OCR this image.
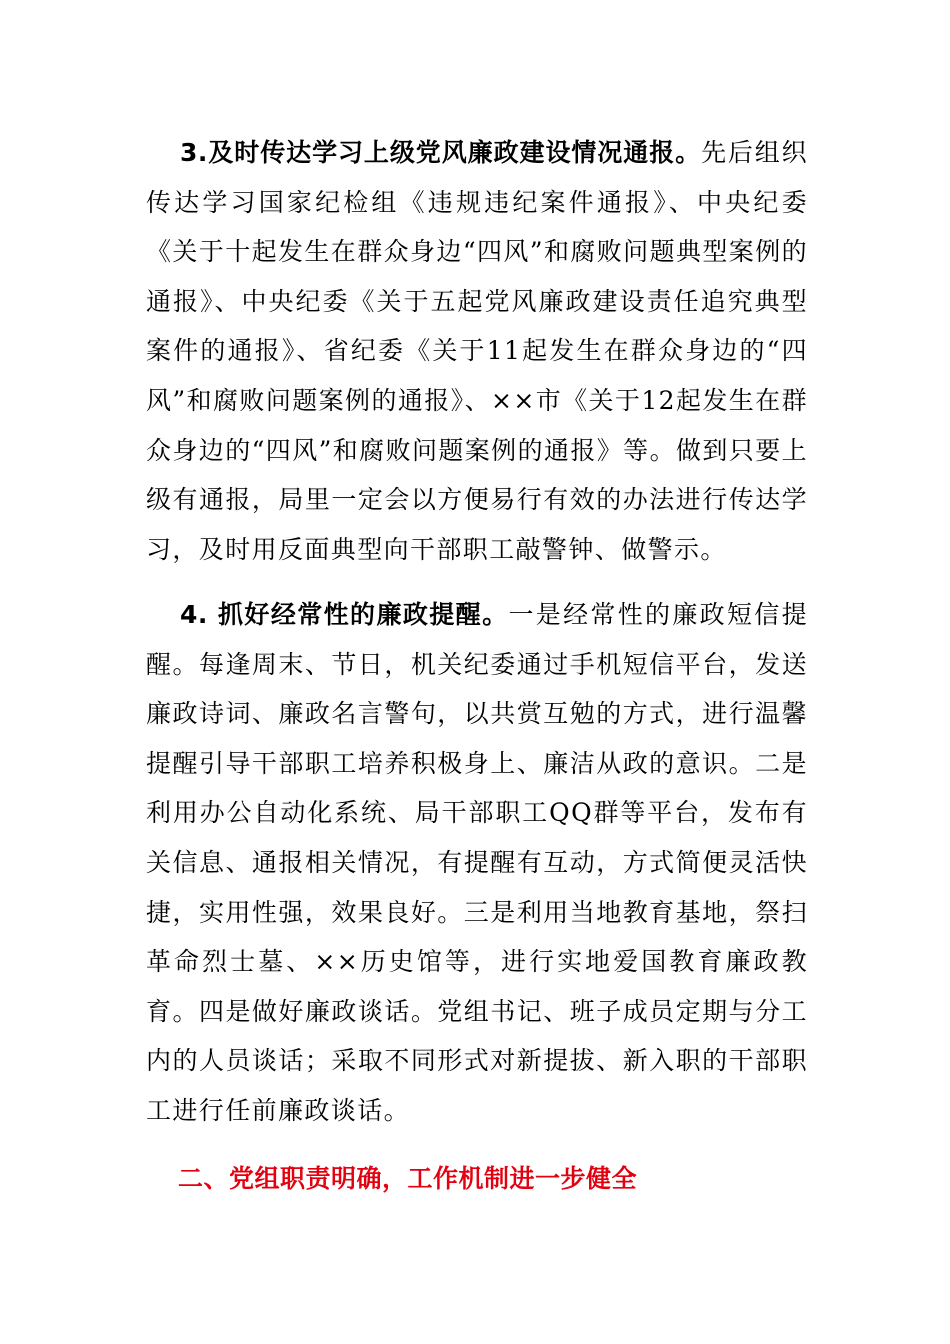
3.及时传达学习上级党风廉政建设情况通报。先后组织传达学习国家纪检组《违规违纪案件通报》、中央纪委《关于十起发生在群众身边“四风”和腐败问题典型案例的通报》、中央纪委《关于五起党风廉政建设责任追究典型案件的通报》、省纪委《关于11起发生在群众身边的“四风”和腐败问题案例的通报》、××市《关于12起发生在群众身边的“四风”和腐败问题案例的通报》等。做到只要上级有通报，局里一定会以方便易行有效的办法进行传达学习，及时用反面典型向干部职工敲警钟、做警示。

4. 抓好经常性的廉政提醒。一是经常性的廉政短信提醒。每逢周末、节日，机关纪委通过手机短信平台，发送廉政诗词、廉政名言警句，以共赏互勉的方式，进行温馨提醒引导干部职工培养积极身上、廉洁从政的意识。二是利用办公自动化系统、局干部职工QQ群等平台，发布有关信息、通报相关情况，有提醒有互动，方式简便灵活快捷，实用性强，效果良好。三是利用当地教育基地，祭扫革命烈士墓、××历史馆等，进行实地爱国教育廉政教育。四是做好廉政谈话。党组书记、班子成员定期与分工内的人员谈话；采取不同形式对新提拔、新入职的干部职工进行任前廉政谈话。

二、党组职责明确，工作机制进一步健全
